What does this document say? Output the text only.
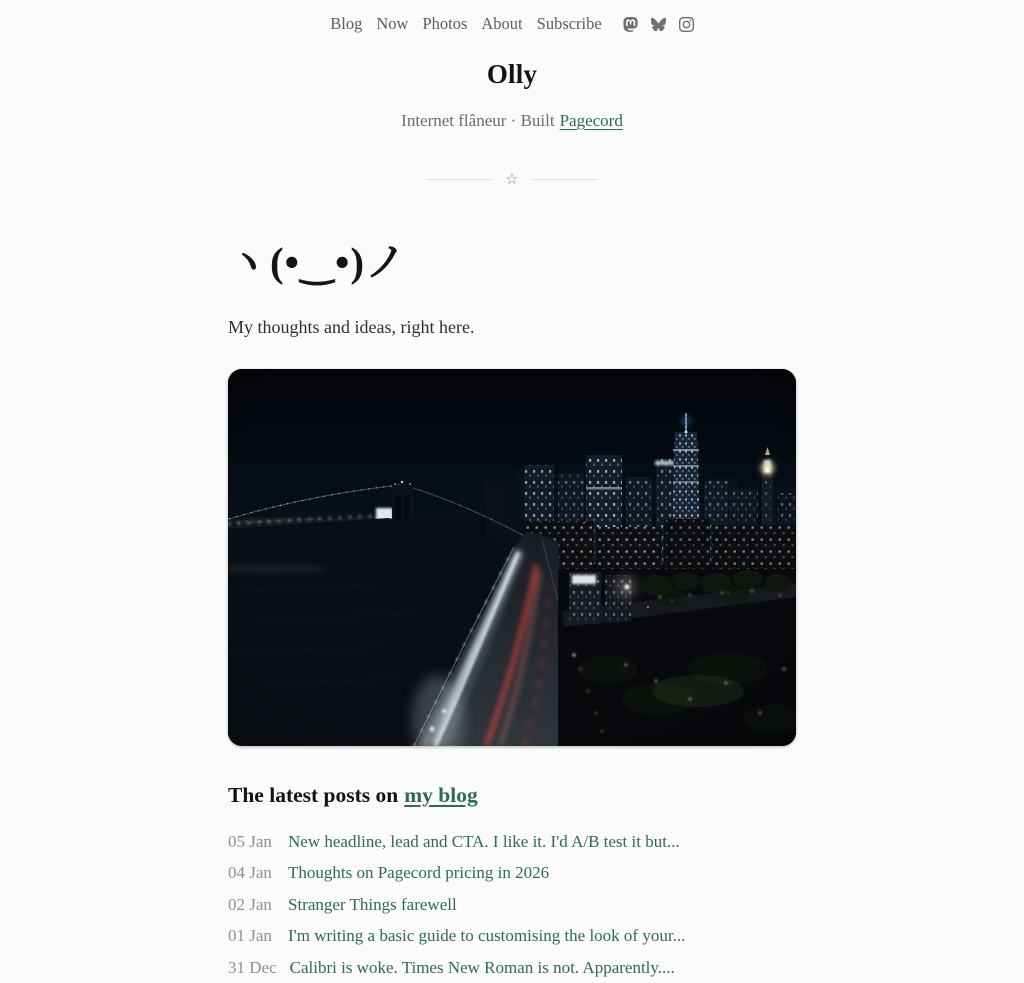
Blog Now Photos About Subscribe
Olly

Internet flâneur · Built Pagecord

☆
ヽ(•‿•)ノ

My thoughts and ideas, right here.

The latest posts on my blog
05 Jan New headline, lead and CTA. I like it. I'd A/B test it but...
04 Jan Thoughts on Pagecord pricing in 2026
02 Jan Stranger Things farewell
01 Jan I'm writing a basic guide to customising the look of your...
31 Dec Calibri is woke. Times New Roman is not. Apparently....
